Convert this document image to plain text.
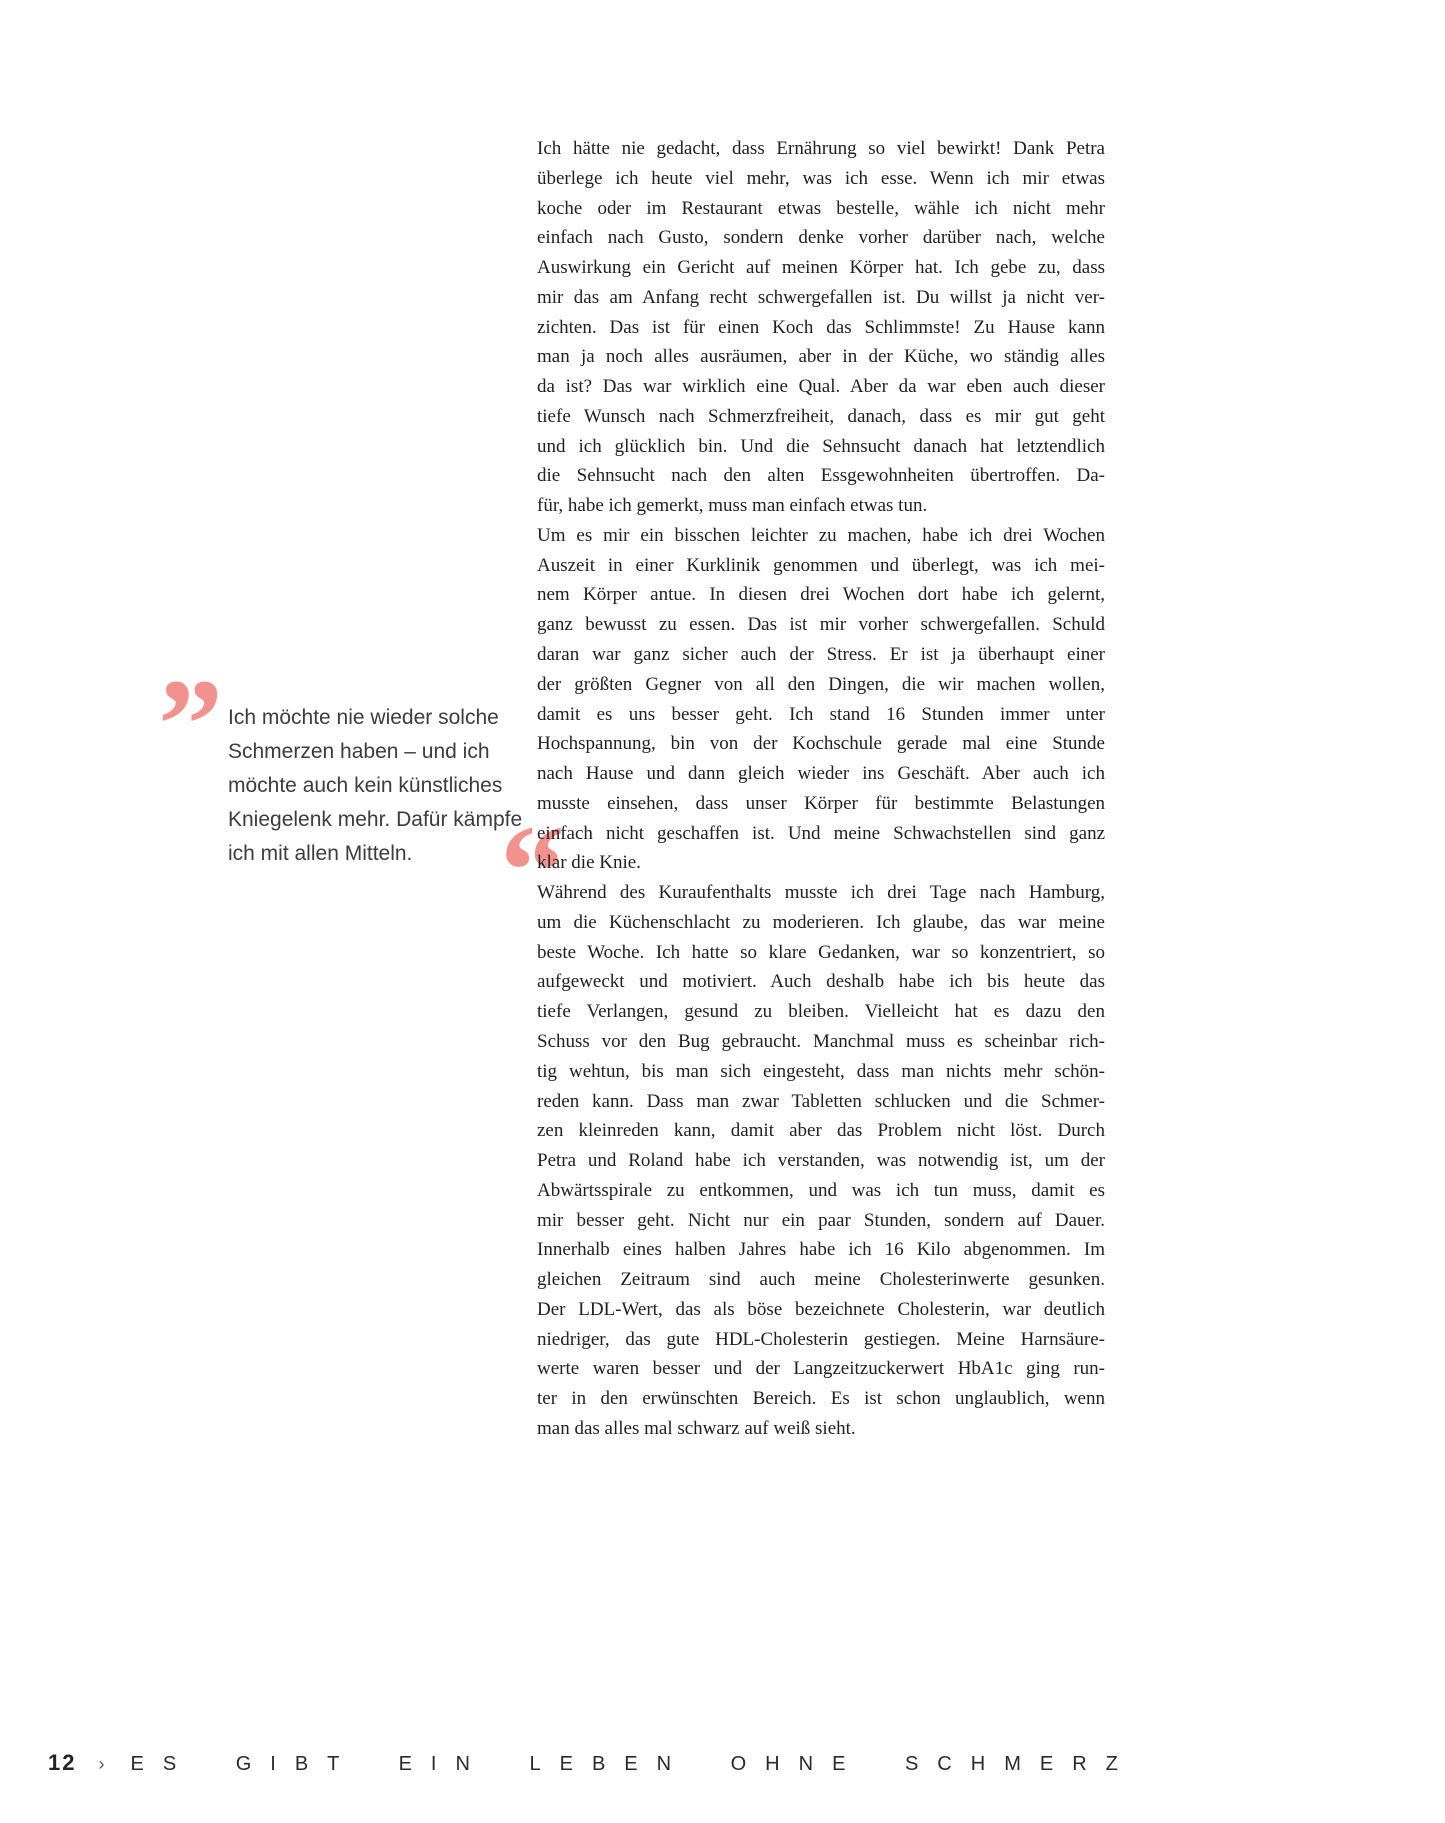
” Ich möchte nie wieder solche
Schmerzen haben – und ich
möchte auch kein künstliches
Kniegelenk mehr. Dafür kämpfe
ich mit allen Mitteln. “
Ich hätte nie gedacht, dass Ernährung so viel bewirkt! Dank Petra
überlege ich heute viel mehr, was ich esse. Wenn ich mir etwas
koche oder im Restaurant etwas bestelle, wähle ich nicht mehr
einfach nach Gusto, sondern denke vorher darüber nach, welche
Auswirkung ein Gericht auf meinen Körper hat. Ich gebe zu, dass
mir das am Anfang recht schwergefallen ist. Du willst ja nicht ver-
zichten. Das ist für einen Koch das Schlimmste! Zu Hause kann
man ja noch alles ausräumen, aber in der Küche, wo ständig alles
da ist? Das war wirklich eine Qual. Aber da war eben auch dieser
tiefe Wunsch nach Schmerzfreiheit, danach, dass es mir gut geht
und ich glücklich bin. Und die Sehnsucht danach hat letztendlich
die Sehnsucht nach den alten Essgewohnheiten übertroffen. Da-
für, habe ich gemerkt, muss man einfach etwas tun.
Um es mir ein bisschen leichter zu machen, habe ich drei Wochen
Auszeit in einer Kurklinik genommen und überlegt, was ich mei-
nem Körper antue. In diesen drei Wochen dort habe ich gelernt,
ganz bewusst zu essen. Das ist mir vorher schwergefallen. Schuld
daran war ganz sicher auch der Stress. Er ist ja überhaupt einer
der größten Gegner von all den Dingen, die wir machen wollen,
damit es uns besser geht. Ich stand 16 Stunden immer unter
Hochspannung, bin von der Kochschule gerade mal eine Stunde
nach Hause und dann gleich wieder ins Geschäft. Aber auch ich
musste einsehen, dass unser Körper für bestimmte Belastungen
einfach nicht geschaffen ist. Und meine Schwachstellen sind ganz
klar die Knie.
Während des Kuraufenthalts musste ich drei Tage nach Hamburg,
um die Küchenschlacht zu moderieren. Ich glaube, das war meine
beste Woche. Ich hatte so klare Gedanken, war so konzentriert, so
aufgeweckt und motiviert. Auch deshalb habe ich bis heute das
tiefe Verlangen, gesund zu bleiben. Vielleicht hat es dazu den
Schuss vor den Bug gebraucht. Manchmal muss es scheinbar rich-
tig wehtun, bis man sich eingesteht, dass man nichts mehr schön-
reden kann. Dass man zwar Tabletten schlucken und die Schmer-
zen kleinreden kann, damit aber das Problem nicht löst. Durch
Petra und Roland habe ich verstanden, was notwendig ist, um der
Abwärtsspirale zu entkommen, und was ich tun muss, damit es
mir besser geht. Nicht nur ein paar Stunden, sondern auf Dauer.
Innerhalb eines halben Jahres habe ich 16 Kilo abgenommen. Im
gleichen Zeitraum sind auch meine Cholesterinwerte gesunken.
Der LDL-Wert, das als böse bezeichnete Cholesterin, war deutlich
niedriger, das gute HDL-Cholesterin gestiegen. Meine Harnsäure-
werte waren besser und der Langzeitzuckerwert HbA1c ging run-
ter in den erwünschten Bereich. Es ist schon unglaublich, wenn
man das alles mal schwarz auf weiß sieht.
12 › ES GIBT EIN LEBEN OHNE SCHMERZ
